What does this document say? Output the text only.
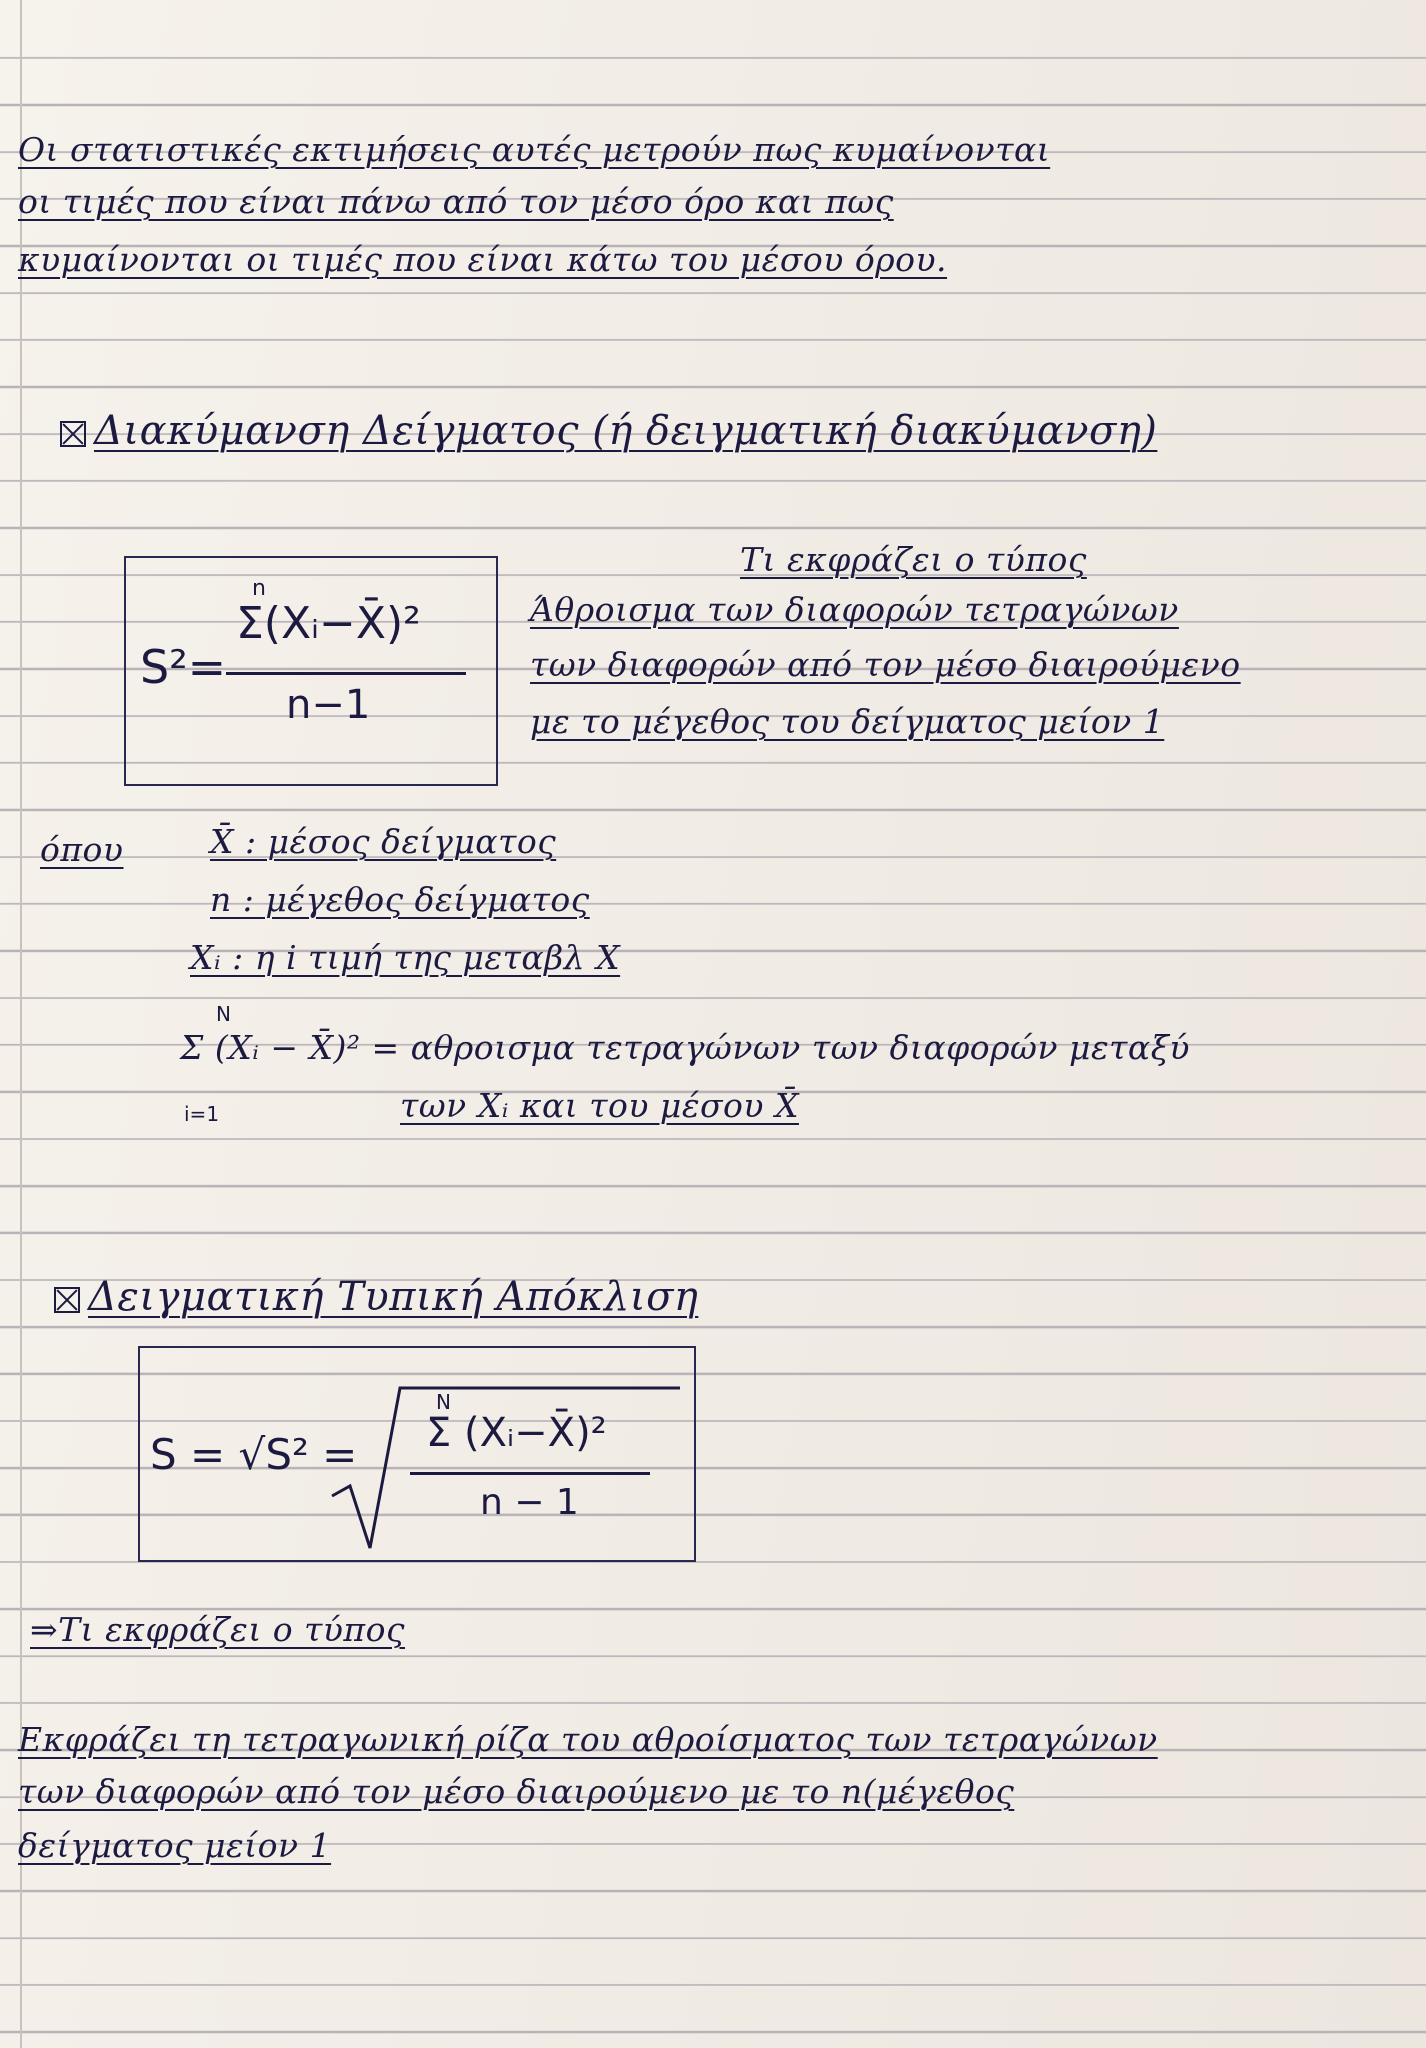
Οι στατιστικές εκτιμήσεις αυτές μετρούν πως κυμαίνονται
οι τιμές που είναι πάνω από τον μέσο όρο και πως
κυμαίνονται οι τιμές που είναι κάτω του μέσου όρου.
Διακύμανση Δείγματος (ή δειγματική διακύμανση)
S²=
n
Σ(Xᵢ−X̄)²
n−1
Τι εκφράζει ο τύπος
Άθροισμα των διαφορών τετραγώνων
των διαφορών από τον μέσο διαιρούμενο
με το μέγεθος του δείγματος μείον 1
όπου	X̄ : μέσος δείγματος
n : μέγεθος δείγματος
Xᵢ : η i τιμή της μεταβλ X
N
Σ (Xᵢ − X̄)² = αθροισμα τετραγώνων των διαφορών μεταξύ
i=1	των Xᵢ και του μέσου X̄
Δειγματική Τυπική Απόκλιση
S = √S² =
N
Σ (Xᵢ−X̄)²
n − 1
⇒Τι εκφράζει ο τύπος
Εκφράζει τη τετραγωνική ρίζα του αθροίσματος των τετραγώνων
των διαφορών από τον μέσο διαιρούμενο με το n(μέγεθος
δείγματος μείον 1
